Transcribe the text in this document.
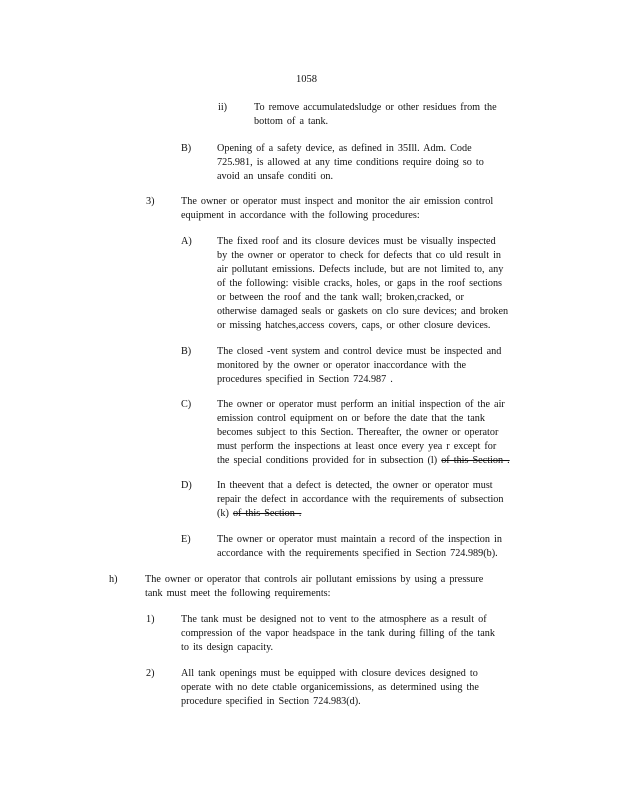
1058
ii)	To remove accumulatedsludge or other residues from the
bottom of a tank.
B)	Opening of a safety device, as defined in 35Ill. Adm. Code
725.981, is allowed at any time conditions require doing so to
avoid an unsafe conditi on.
3)	The owner or operator must inspect and monitor the air emission control
equipment in accordance with the following procedures:
A) The fixed roof and its closure devices must be visually inspected
by the owner or operator to check for defects that co uld result in
air pollutant emissions. Defects include, but are not limited to, any
of the following: visible cracks, holes, or gaps in the roof sections
or between the roof and the tank wall; broken,cracked, or
otherwise damaged seals or gaskets on clo sure devices; and broken
or missing hatches,access covers, caps, or other closure devices.
B)	The closed -vent system and control device must be inspected and
monitored by the owner or operator inaccordance with the
procedures specified in Section 724.987 .
C)	The owner or operator must perform an initial inspection of the air
emission control equipment on or before the date that the tank
becomes subject to this Section. Thereafter, the owner or operator
must perform the inspections at least once every yea r except for
the special conditions provided for in subsection (l) of this Section .
D) In theevent that a defect is detected, the owner or operator must
repair the defect in accordance with the requirements of subsection
(k) of this Section .
E)	The owner or operator must maintain a record of the inspection in
accordance with the requirements specified in Section 724.989(b).
h)	The owner or operator that controls air pollutant emissions by using a pressure
tank must meet the following requirements:
1)	The tank must be designed not to vent to the atmosphere as a result of
compression of the vapor headspace in the tank during filling of the tank
to its design capacity.
2)	All tank openings must be equipped with closure devices designed to
operate with no dete ctable organicemissions, as determined using the
procedure specified in Section 724.983(d).
